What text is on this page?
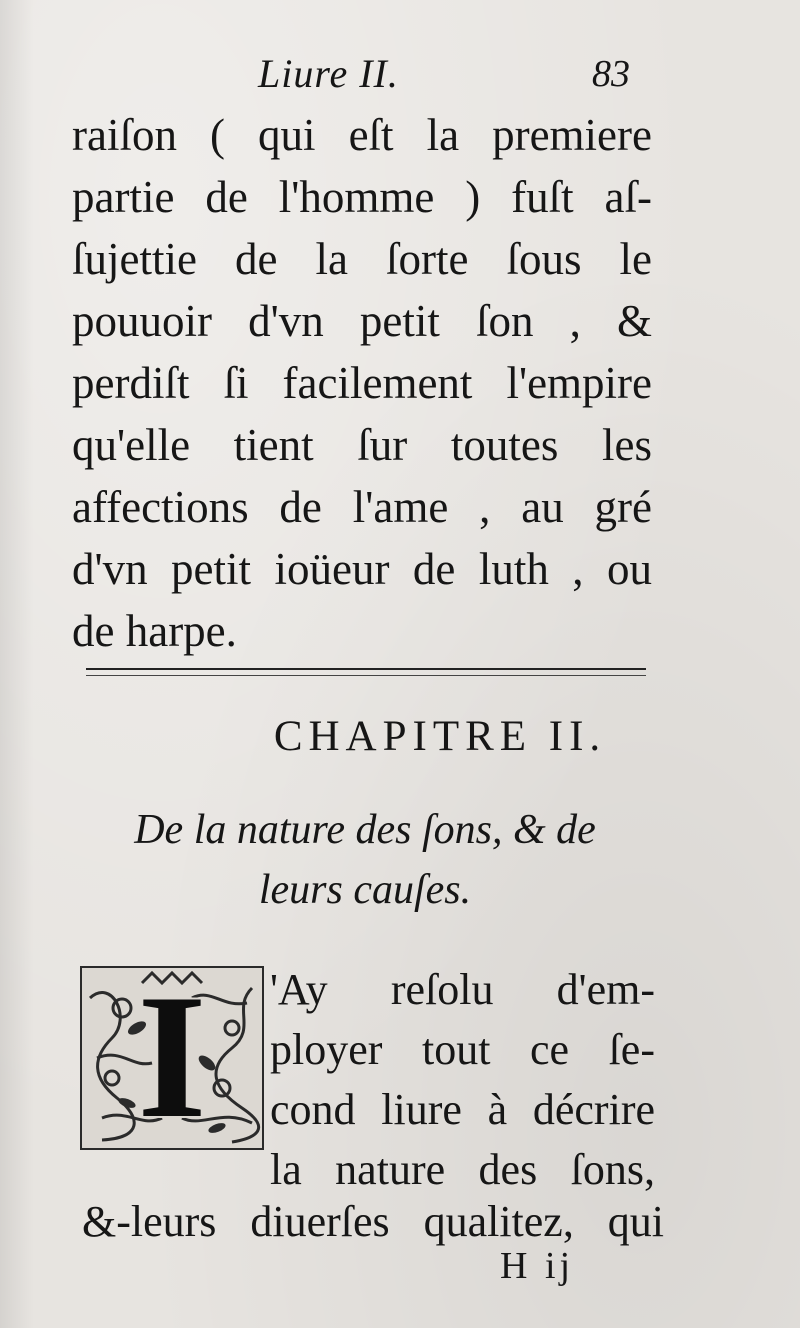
Liure II.	83
raiſon ( qui eſt la premiere
partie de l'homme ) fuſt aſ-
ſujettie de la ſorte ſous le
pouuoir d'vn petit ſon , &
perdiſt ſi facilement l'empire
qu'elle tient ſur toutes les
affections de l'ame , au gré
d'vn petit ioüeur de luth , ou
de harpe.
CHAPITRE II.
De la nature des ſons, & de
leurs cauſes.
I	'Ay reſolu d'em-
ployer tout ce ſe-
cond liure à décrire
la nature des ſons,
&-leurs diuerſes qualitez, qui
H ij
